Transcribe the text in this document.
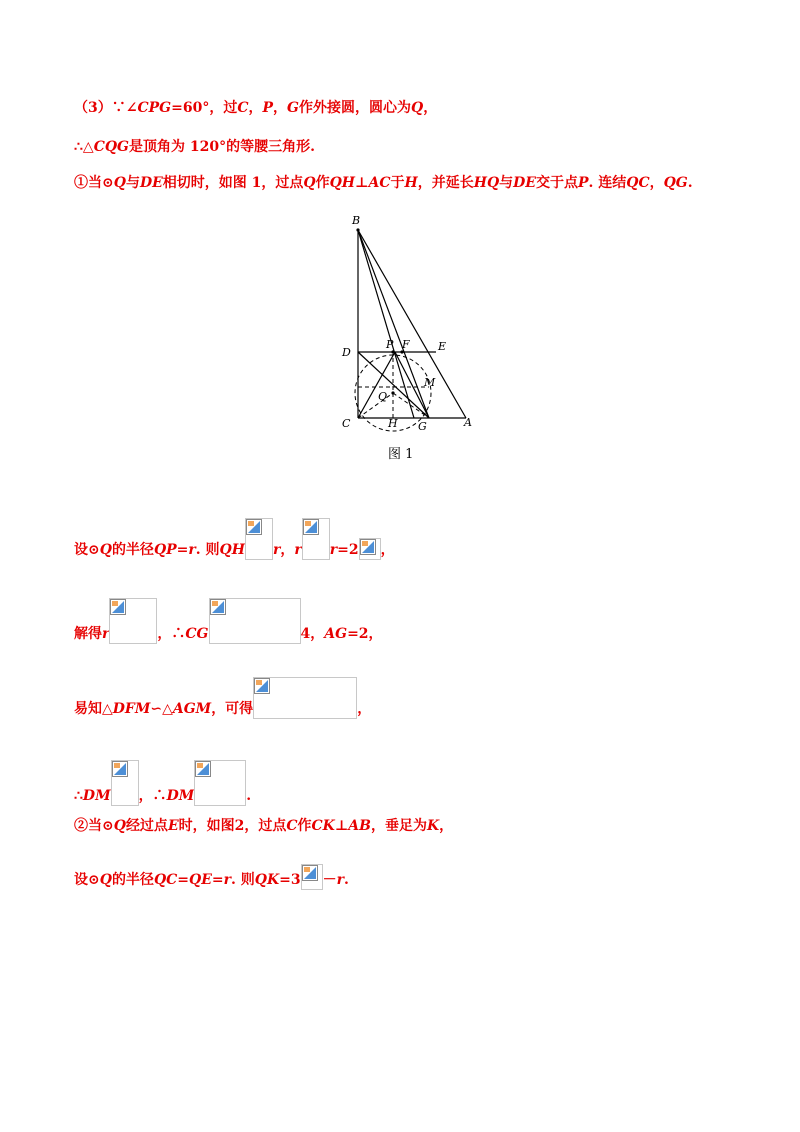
（3）∵∠CPG=60°，过C，P，G作外接圆，圆心为Q，
∴△CQG是顶角为 120°的等腰三角形.
①当⊙Q与DE相切时，如图 1，过点Q作QH⊥AC于H，并延长HQ与DE交于点P. 连结QC，QG.
B
D
P F	E
M
Q
C	H G	A
图 1
设⊙Q的半径QP=r. 则QH r，r r=2 ，
解得r	，∴CG	4，AG=2，
易知△DFM∽△AGM，可得	，
∴DM ，∴DM	.
②当⊙Q经过点E时，如图2，过点C作CK⊥AB，垂足为K，
设⊙Q的半径QC=QE=r. 则QK=3 －r.
